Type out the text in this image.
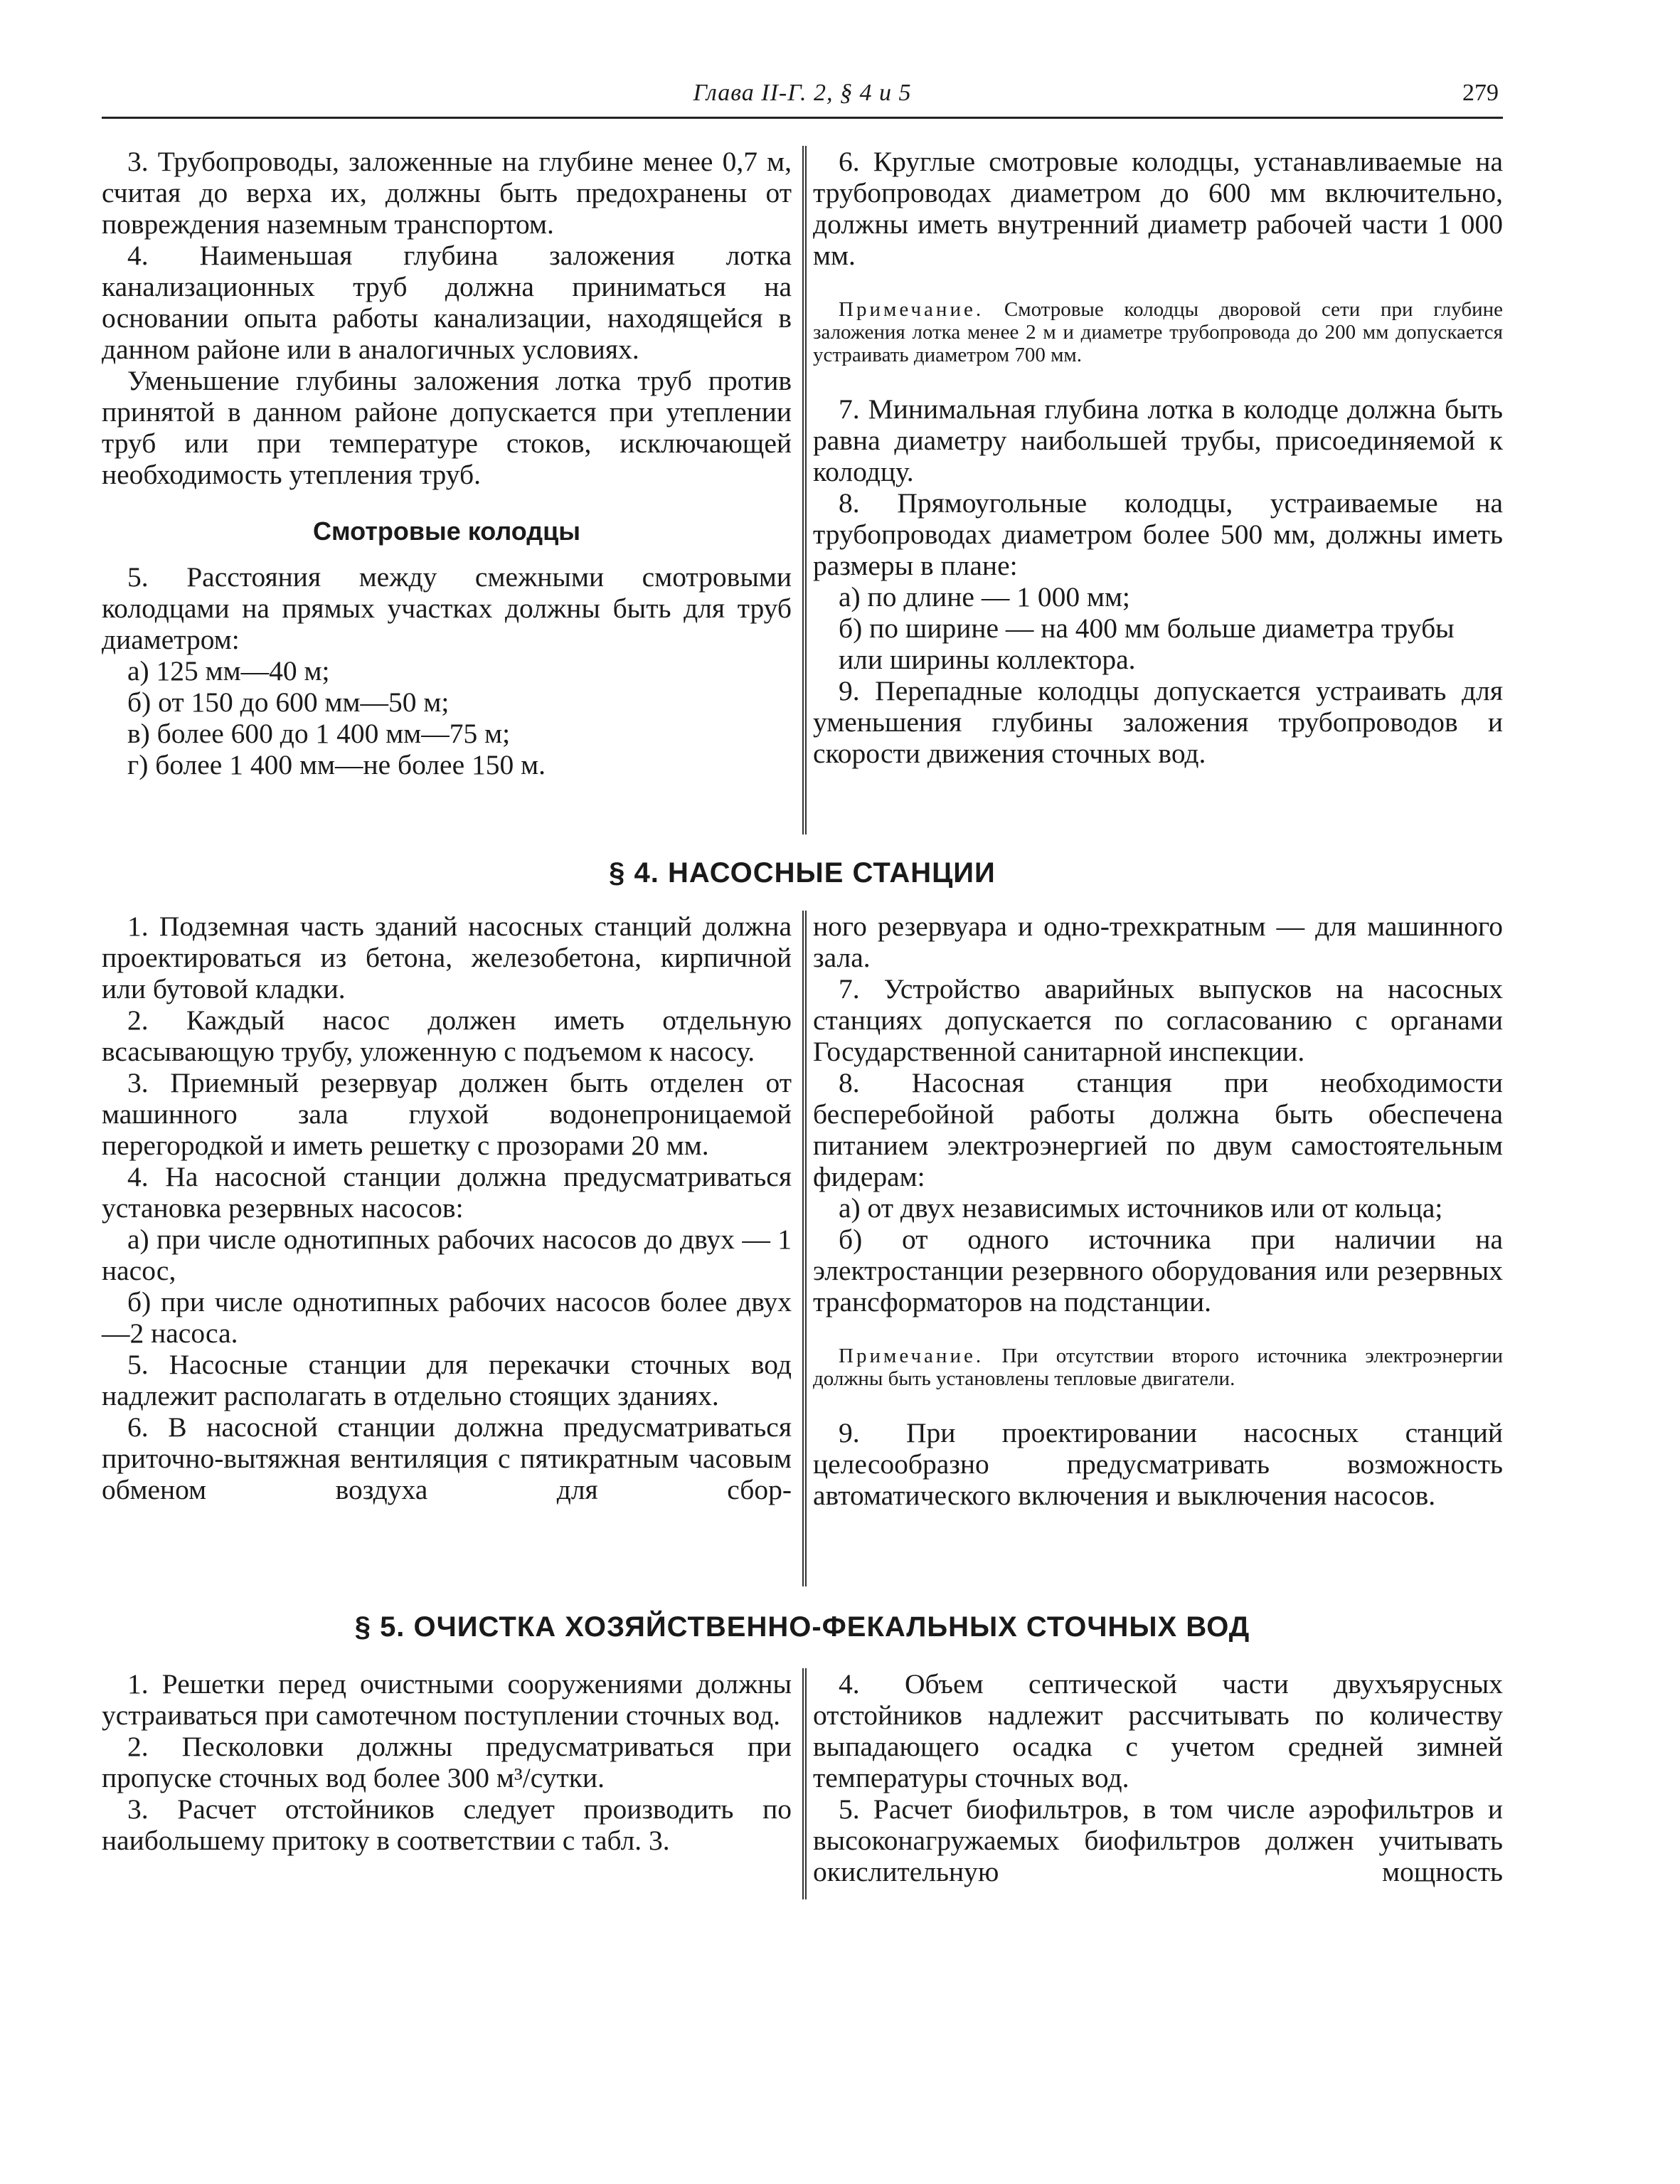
Глава II-Г. 2, § 4 и 5	279

3. Трубопроводы, заложенные на глубине менее 0,7 м, считая до верха их, должны быть предохранены от повреждения наземным транспортом.

4. Наименьшая глубина заложения лотка канализационных труб должна приниматься на основании опыта работы канализации, находящейся в данном районе или в аналогичных условиях.

Уменьшение глубины заложения лотка труб против принятой в данном районе допускается при утеплении труб или при температуре стоков, исключающей необходимость утепления труб.

Смотровые колодцы

5. Расстояния между смежными смотровыми колодцами на прямых участках должны быть для труб диаметром:

а) 125 мм—40 м;

б) от 150 до 600 мм—50 м;

в) более 600 до 1 400 мм—75 м;

г) более 1 400 мм—не более 150 м.

6. Круглые смотровые колодцы, устанавливаемые на трубопроводах диаметром до 600 мм включительно, должны иметь внутренний диаметр рабочей части 1 000 мм.

Примечание. Смотровые колодцы дворовой сети при глубине заложения лотка менее 2 м и диаметре трубопровода до 200 мм допускается устраивать диаметром 700 мм.

7. Минимальная глубина лотка в колодце должна быть равна диаметру наибольшей трубы, присоединяемой к колодцу.

8. Прямоугольные колодцы, устраиваемые на трубопроводах диаметром более 500 мм, должны иметь размеры в плане:

а) по длине — 1 000 мм;

б) по ширине — на 400 мм больше диаметра трубы или ширины коллектора.

9. Перепадные колодцы допускается устраивать для уменьшения глубины заложения трубопроводов и скорости движения сточных вод.

§ 4. НАСОСНЫЕ СТАНЦИИ

1. Подземная часть зданий насосных станций должна проектироваться из бетона, железобетона, кирпичной или бутовой кладки.

2. Каждый насос должен иметь отдельную всасывающую трубу, уложенную с подъемом к насосу.

3. Приемный резервуар должен быть отделен от машинного зала глухой водонепроницаемой перегородкой и иметь решетку с прозорами 20 мм.

4. На насосной станции должна предусматриваться установка резервных насосов:

а) при числе однотипных рабочих насосов до двух — 1 насос,

б) при числе однотипных рабочих насосов более двух—2 насоса.

5. Насосные станции для перекачки сточных вод надлежит располагать в отдельно стоящих зданиях.

6. В насосной станции должна предусматриваться приточно-вытяжная вентиляция с пятикратным часовым обменом воздуха для сбор-

ного резервуара и одно-трехкратным — для машинного зала.

7. Устройство аварийных выпусков на насосных станциях допускается по согласованию с органами Государственной санитарной инспекции.

8. Насосная станция при необходимости бесперебойной работы должна быть обеспечена питанием электроэнергией по двум самостоятельным фидерам:

а) от двух независимых источников или от кольца;

б) от одного источника при наличии на электростанции резервного оборудования или резервных трансформаторов на подстанции.

Примечание. При отсутствии второго источника электроэнергии должны быть установлены тепловые двигатели.

9. При проектировании насосных станций целесообразно предусматривать возможность автоматического включения и выключения насосов.

§ 5. ОЧИСТКА ХОЗЯЙСТВЕННО-ФЕКАЛЬНЫХ СТОЧНЫХ ВОД

1. Решетки перед очистными сооружениями должны устраиваться при самотечном поступлении сточных вод.

2. Песколовки должны предусматриваться при пропуске сточных вод более 300 м³/сутки.

3. Расчет отстойников следует производить по наибольшему притоку в соответствии с табл. 3.

4. Объем септической части двухъярусных отстойников надлежит рассчитывать по количеству выпадающего осадка с учетом средней зимней температуры сточных вод.

5. Расчет биофильтров, в том числе аэрофильтров и высоконагружаемых биофильтров должен учитывать окислительную мощность
